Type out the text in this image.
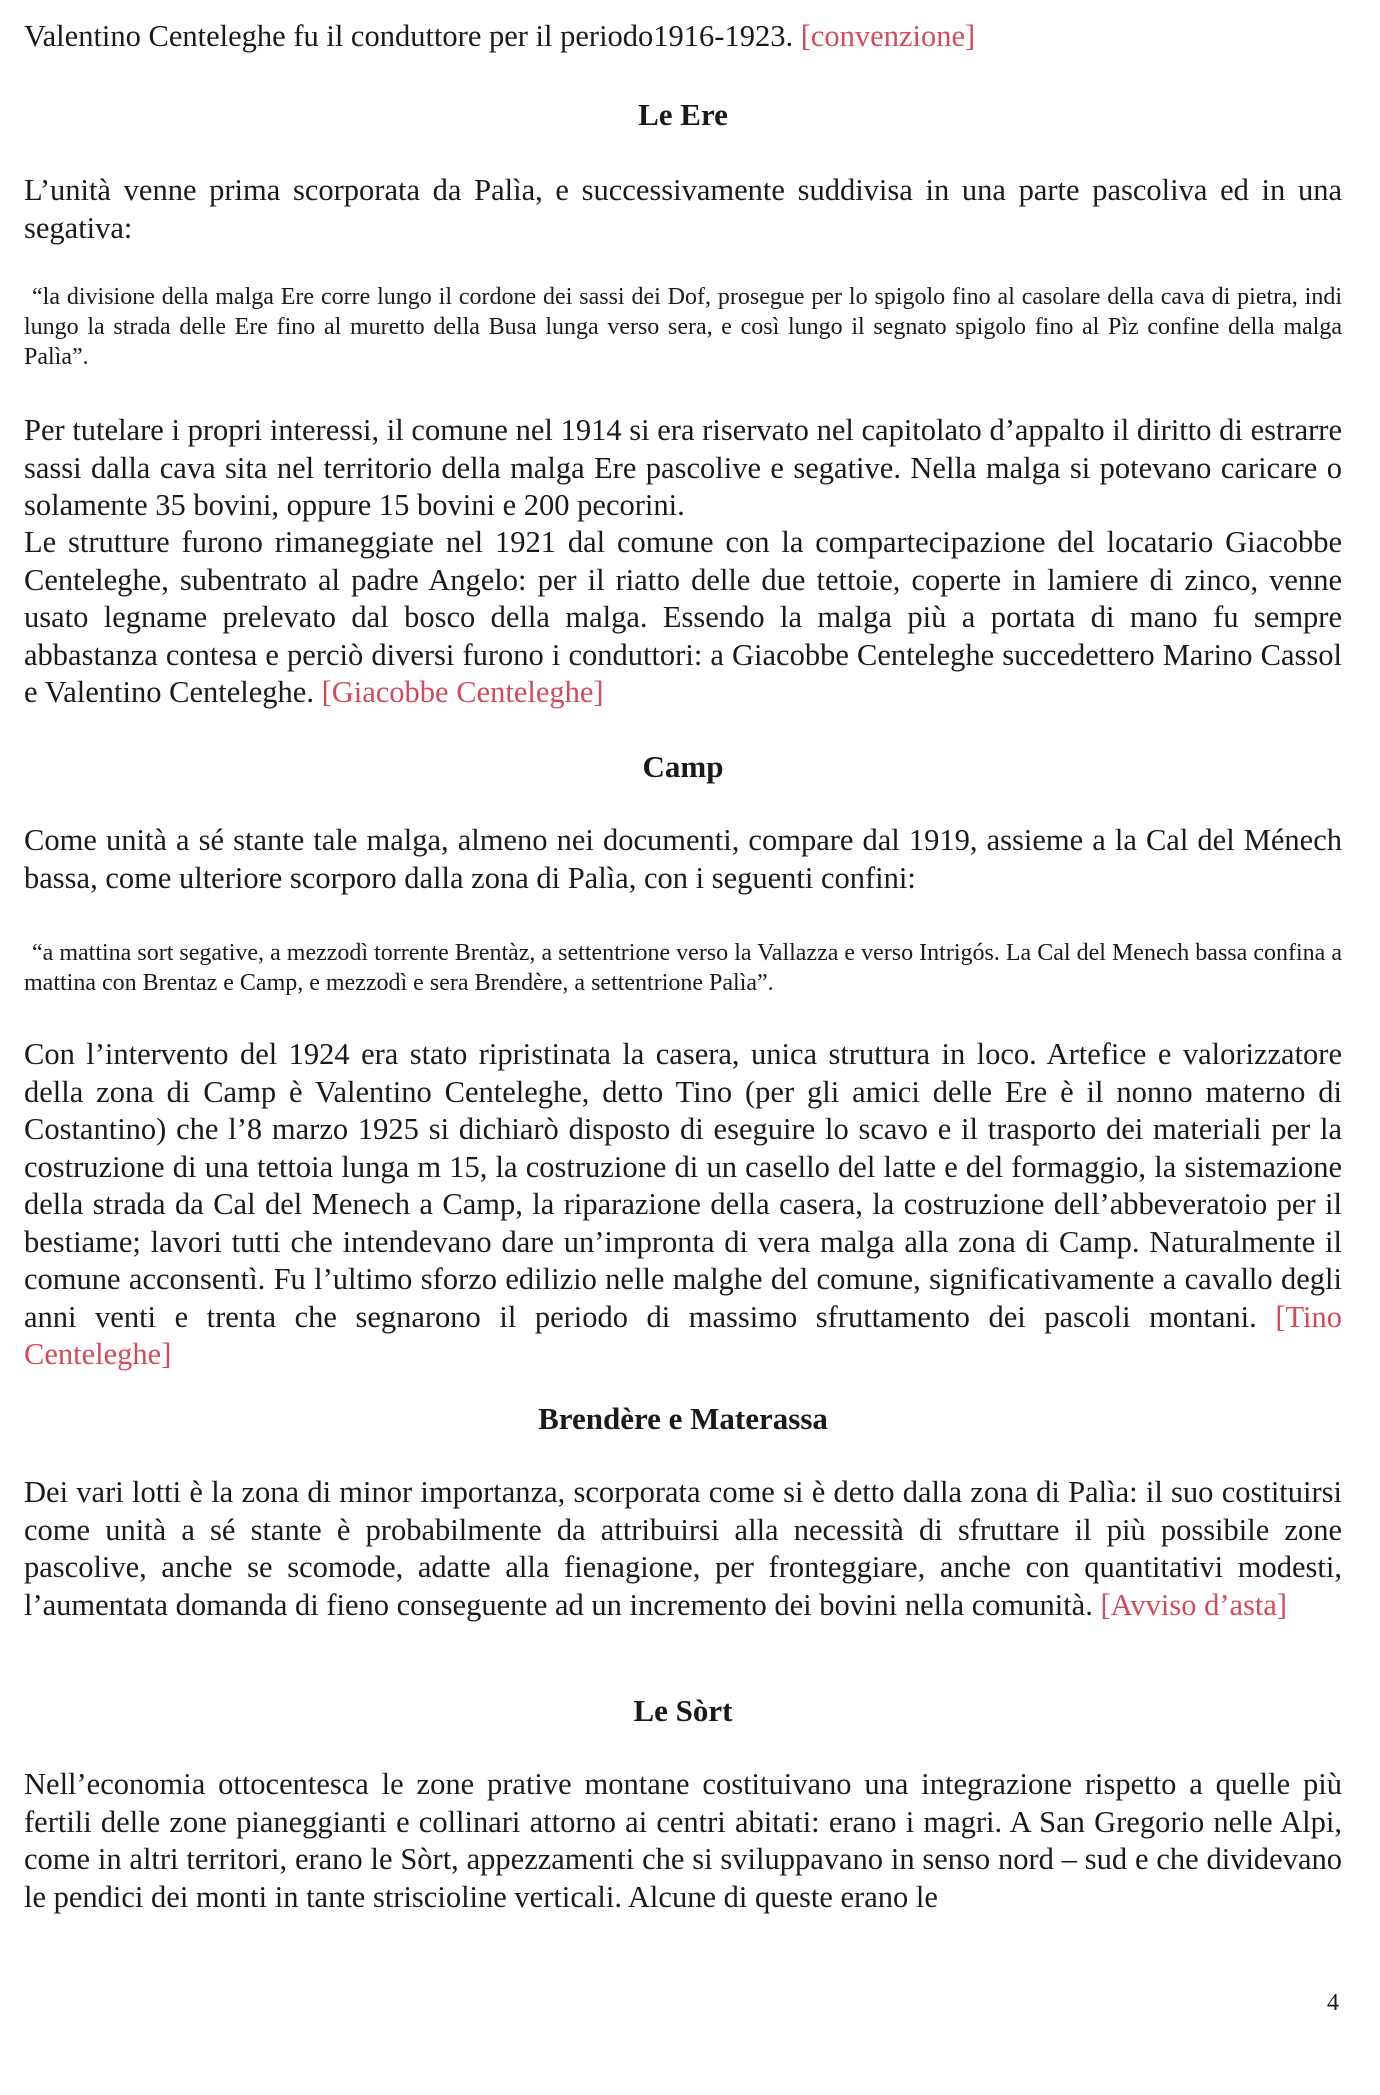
Valentino Centeleghe fu il conduttore per il periodo1916-1923. [convenzione]

Le Ere

L’unità venne prima scorporata da Palìa, e successivamente suddivisa in una parte pascoliva ed in una segativa:

“la divisione della malga Ere corre lungo il cordone dei sassi dei Dof, prosegue per lo spigolo fino al casolare della cava di pietra, indi lungo la strada delle Ere fino al muretto della Busa lunga verso sera, e così lungo il segnato spigolo fino al Pìz confine della malga Palìa”.

Per tutelare i propri interessi, il comune nel 1914 si era riservato nel capitolato d’appalto il diritto di estrarre sassi dalla cava sita nel territorio della malga Ere pascolive e segative. Nella malga si potevano caricare o solamente 35 bovini, oppure 15 bovini e 200 pecorini.

Le strutture furono rimaneggiate nel 1921 dal comune con la compartecipazione del locatario Giacobbe Centeleghe, subentrato al padre Angelo: per il riatto delle due tettoie, coperte in lamiere di zinco, venne usato legname prelevato dal bosco della malga. Essendo la malga più a portata di mano fu sempre abbastanza contesa e perciò diversi furono i conduttori: a Giacobbe Centeleghe succedettero Marino Cassol e Valentino Centeleghe. [Giacobbe Centeleghe]

Camp

Come unità a sé stante tale malga, almeno nei documenti, compare dal 1919, assieme a la Cal del Ménech bassa, come ulteriore scorporo dalla zona di Palìa, con i seguenti confini:

“a mattina sort segative, a mezzodì torrente Brentàz, a settentrione verso la Vallazza e verso Intrigós. La Cal del Menech bassa confina a mattina con Brentaz e Camp, e mezzodì e sera Brendère, a settentrione Palìa”.

Con l’intervento del 1924 era stato ripristinata la casera, unica struttura in loco. Artefice e valorizzatore della zona di Camp è Valentino Centeleghe, detto Tino (per gli amici delle Ere è il nonno materno di Costantino) che l’8 marzo 1925 si dichiarò disposto di eseguire lo scavo e il trasporto dei materiali per la costruzione di una tettoia lunga m 15, la costruzione di un casello del latte e del formaggio, la sistemazione della strada da Cal del Menech a Camp, la riparazione della casera, la costruzione dell’abbeveratoio per il bestiame; lavori tutti che intendevano dare un’impronta di vera malga alla zona di Camp. Naturalmente il comune acconsentì. Fu l’ultimo sforzo edilizio nelle malghe del comune, significativamente a cavallo degli anni venti e trenta che segnarono il periodo di massimo sfruttamento dei pascoli montani. [Tino Centeleghe]

Brendère e Materassa

Dei vari lotti è la zona di minor importanza, scorporata come si è detto dalla zona di Palìa: il suo costituirsi come unità a sé stante è probabilmente da attribuirsi alla necessità di sfruttare il più possibile zone pascolive, anche se scomode, adatte alla fienagione, per fronteggiare, anche con quantitativi modesti, l’aumentata domanda di fieno conseguente ad un incremento dei bovini nella comunità. [Avviso d’asta]

Le Sòrt

Nell’economia ottocentesca le zone prative montane costituivano una integrazione rispetto a quelle più fertili delle zone pianeggianti e collinari attorno ai centri abitati: erano i magri. A San Gregorio nelle Alpi, come in altri territori, erano le Sòrt, appezzamenti che si sviluppavano in senso nord – sud e che dividevano le pendici dei monti in tante striscioline verticali. Alcune di queste erano le

4
